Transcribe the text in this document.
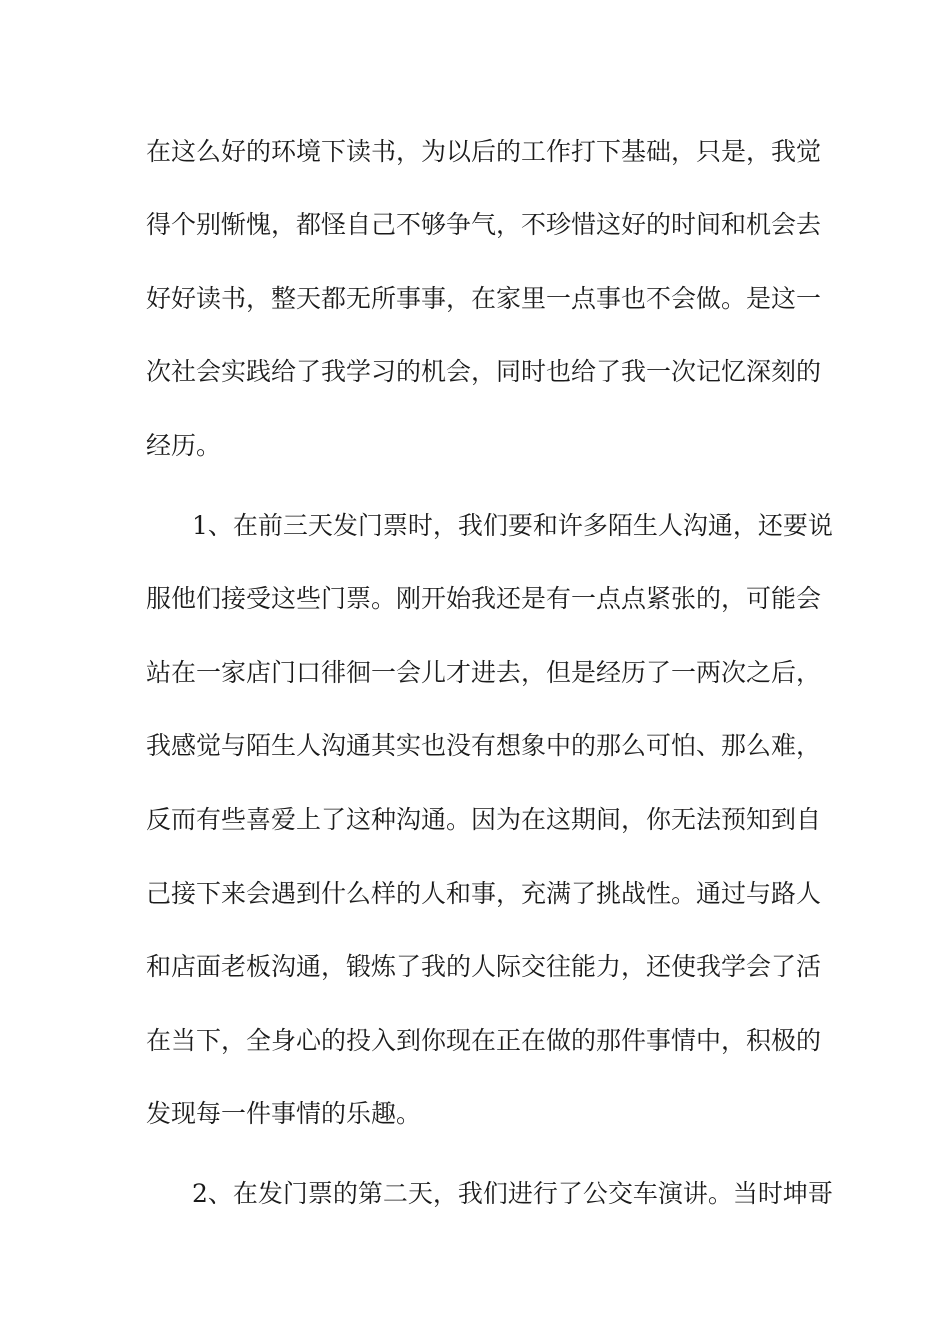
在这么好的环境下读书，为以后的工作打下基础，只是，我觉
得个别惭愧，都怪自己不够争气，不珍惜这好的时间和机会去
好好读书，整天都无所事事，在家里一点事也不会做。是这一
次社会实践给了我学习的机会，同时也给了我一次记忆深刻的
经历。
1、在前三天发门票时，我们要和许多陌生人沟通，还要说
服他们接受这些门票。刚开始我还是有一点点紧张的，可能会
站在一家店门口徘徊一会儿才进去，但是经历了一两次之后，
我感觉与陌生人沟通其实也没有想象中的那么可怕、那么难，
反而有些喜爱上了这种沟通。因为在这期间，你无法预知到自
己接下来会遇到什么样的人和事，充满了挑战性。通过与路人
和店面老板沟通，锻炼了我的人际交往能力，还使我学会了活
在当下，全身心的投入到你现在正在做的那件事情中，积极的
发现每一件事情的乐趣。
2、在发门票的第二天，我们进行了公交车演讲。当时坤哥
